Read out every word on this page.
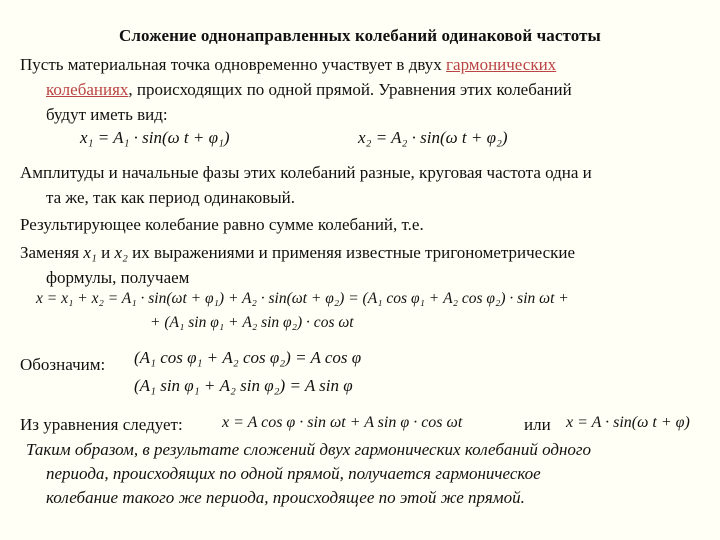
Сложение однонаправленных колебаний одинаковой частоты
Пусть материальная точка одновременно участвует в двух гармонических
колебаниях, происходящих по одной прямой. Уравнения этих колебаний
будут иметь вид:
x₁ = A₁ · sin(ω t + φ₁)	x₂ = A₂ · sin(ω t + φ₂)
Амплитуды и начальные фазы этих колебаний разные, круговая частота одна и
та же, так как период одинаковый.
Результирующее колебание равно сумме колебаний, т.е.
Заменяя x₁ и x₂ их выражениями и применяя известные тригонометрические
формулы, получаем
x = x₁ + x₂ = A₁ · sin(ωt + φ₁) + A₂ · sin(ωt + φ₂) = (A₁ cos φ₁ + A₂ cos φ₂) · sin ωt +
+ (A₁ sin φ₁ + A₂ sin φ₂) · cos ωt
Обозначим:	(A₁ cos φ₁ + A₂ cos φ₂) = A cos φ
(A₁ sin φ₁ + A₂ sin φ₂) = A sin φ
Из уравнения следует:	x = A cos φ · sin ωt + A sin φ · cos ωt	или x = A · sin(ω t + φ)
Таким образом, в результате сложений двух гармонических колебаний одного
периода, происходящих по одной прямой, получается гармоническое
колебание такого же периода, происходящее по этой же прямой.
